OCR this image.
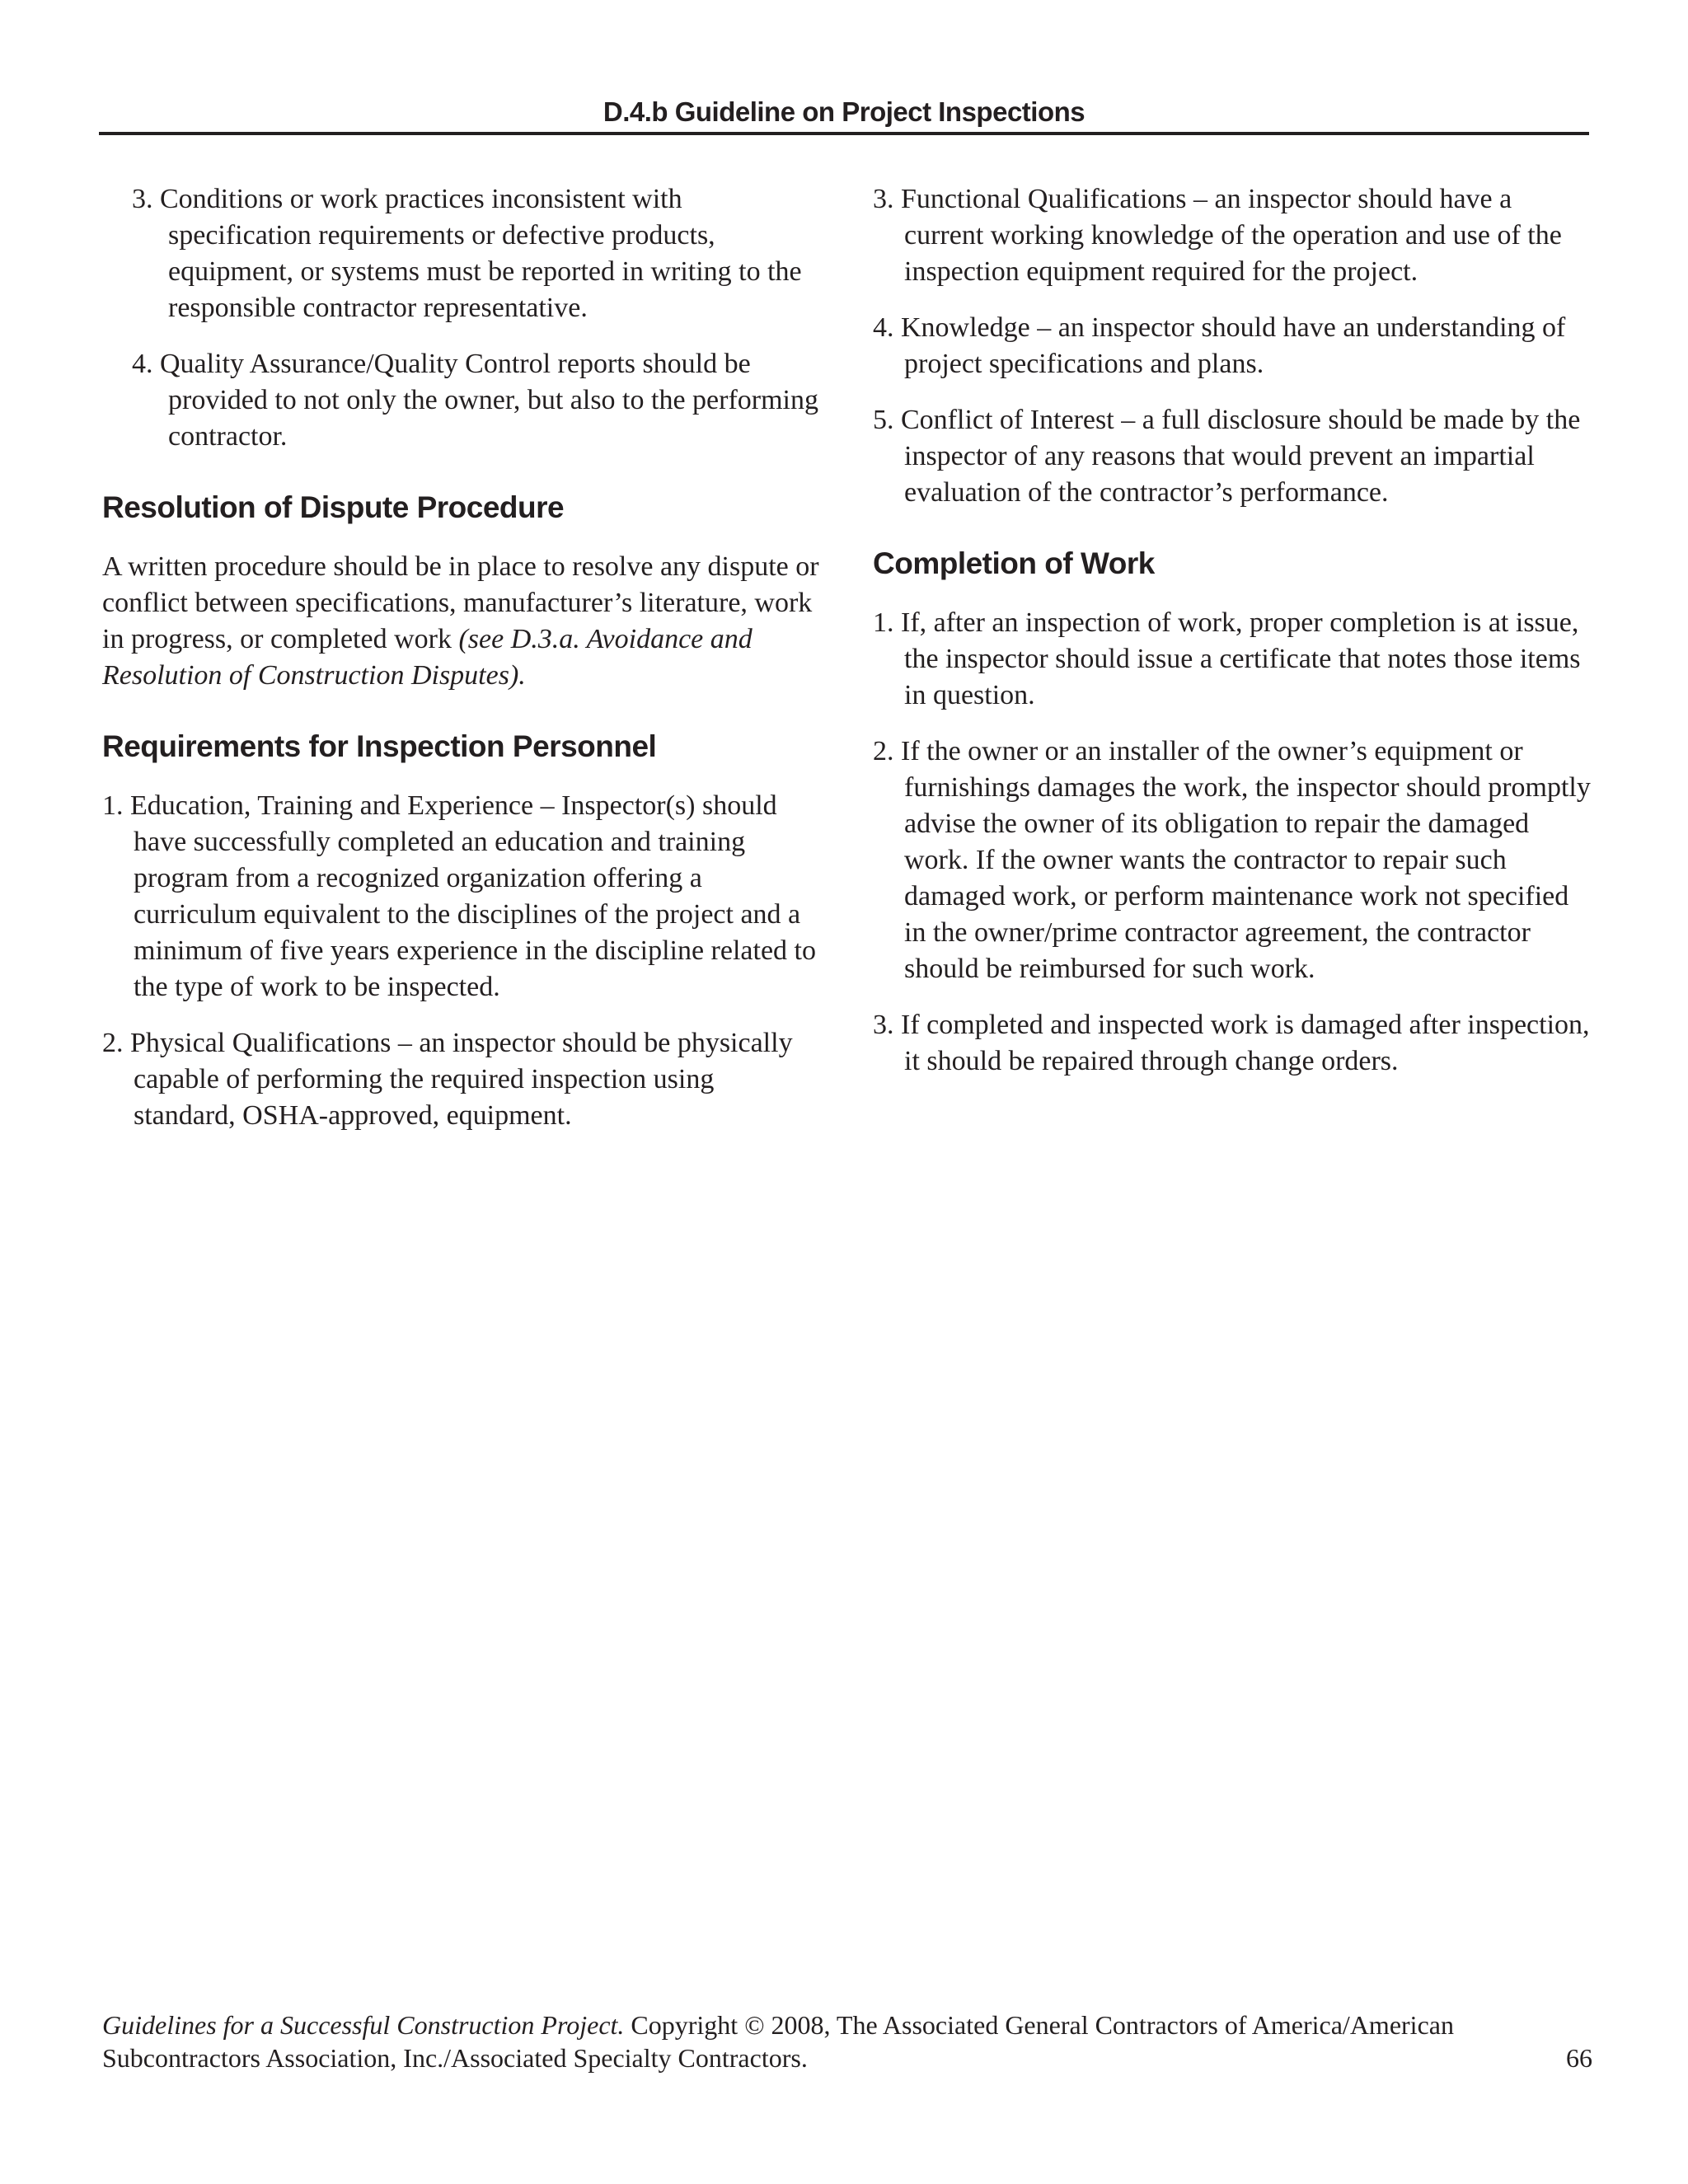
D.4.b Guideline on Project Inspections

3. Conditions or work practices inconsistent with specification requirements or defective products, equipment, or systems must be reported in writing to the responsible contractor representative.

4. Quality Assurance/Quality Control reports should be provided to not only the owner, but also to the performing contractor.

Resolution of Dispute Procedure

A written procedure should be in place to resolve any dispute or conflict between specifications, manufacturer’s literature, work in progress, or completed work (see D.3.a. Avoidance and Resolution of Construction Disputes).

Requirements for Inspection Personnel

1. Education, Training and Experience – Inspector(s) should have successfully completed an education and training program from a recognized organization offering a curriculum equivalent to the disciplines of the project and a minimum of five years experience in the discipline related to the type of work to be inspected.

2. Physical Qualifications – an inspector should be physically capable of performing the required inspection using standard, OSHA-approved, equipment.

3. Functional Qualifications – an inspector should have a current working knowledge of the operation and use of the inspection equipment required for the project.

4. Knowledge – an inspector should have an understanding of project specifications and plans.

5. Conflict of Interest – a full disclosure should be made by the inspector of any reasons that would prevent an impartial evaluation of the contractor’s performance.

Completion of Work

1. If, after an inspection of work, proper completion is at issue, the inspector should issue a certificate that notes those items in question.

2. If the owner or an installer of the owner’s equipment or furnishings damages the work, the inspector should promptly advise the owner of its obligation to repair the damaged work. If the owner wants the contractor to repair such damaged work, or perform maintenance work not specified in the owner/prime contractor agreement, the contractor should be reimbursed for such work.

3. If completed and inspected work is damaged after inspection, it should be repaired through change orders.

Guidelines for a Successful Construction Project. Copyright © 2008, The Associated General Contractors of America/American Subcontractors Association, Inc./Associated Specialty Contractors.	66
